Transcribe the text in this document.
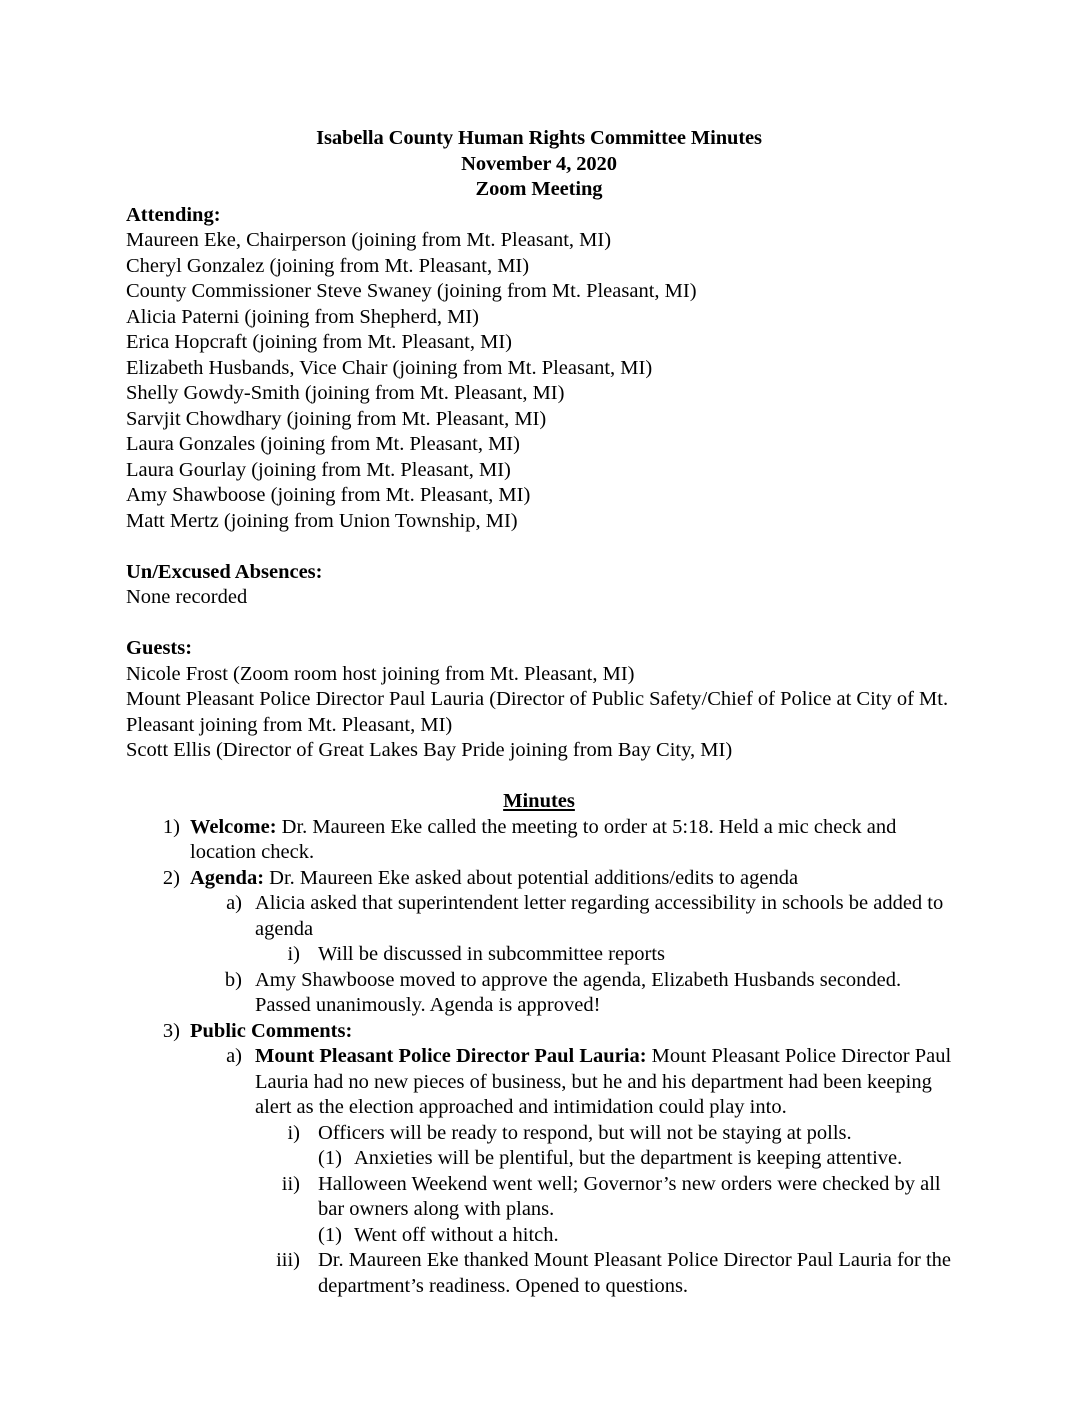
Isabella County Human Rights Committee Minutes
November 4, 2020
Zoom Meeting
Attending:
Maureen Eke, Chairperson (joining from Mt. Pleasant, MI)
Cheryl Gonzalez (joining from Mt. Pleasant, MI)
County Commissioner Steve Swaney (joining from Mt. Pleasant, MI)
Alicia Paterni (joining from Shepherd, MI)
Erica Hopcraft (joining from Mt. Pleasant, MI)
Elizabeth Husbands, Vice Chair (joining from Mt. Pleasant, MI)
Shelly Gowdy-Smith (joining from Mt. Pleasant, MI)
Sarvjit Chowdhary (joining from Mt. Pleasant, MI)
Laura Gonzales (joining from Mt. Pleasant, MI)
Laura Gourlay (joining from Mt. Pleasant, MI)
Amy Shawboose (joining from Mt. Pleasant, MI)
Matt Mertz (joining from Union Township, MI)
Un/Excused Absences:
None recorded
Guests:
Nicole Frost (Zoom room host joining from Mt. Pleasant, MI)
Mount Pleasant Police Director Paul Lauria (Director of Public Safety/Chief of Police at City of Mt. Pleasant joining from Mt. Pleasant, MI)
Scott Ellis (Director of Great Lakes Bay Pride joining from Bay City, MI)
Minutes
1) Welcome: Dr. Maureen Eke called the meeting to order at 5:18. Held a mic check and location check.
2) Agenda: Dr. Maureen Eke asked about potential additions/edits to agenda
a) Alicia asked that superintendent letter regarding accessibility in schools be added to agenda
i) Will be discussed in subcommittee reports
b) Amy Shawboose moved to approve the agenda, Elizabeth Husbands seconded. Passed unanimously. Agenda is approved!
3) Public Comments:
a) Mount Pleasant Police Director Paul Lauria: Mount Pleasant Police Director Paul Lauria had no new pieces of business, but he and his department had been keeping alert as the election approached and intimidation could play into.
i) Officers will be ready to respond, but will not be staying at polls.
(1) Anxieties will be plentiful, but the department is keeping attentive.
ii) Halloween Weekend went well; Governor’s new orders were checked by all bar owners along with plans.
(1) Went off without a hitch.
iii) Dr. Maureen Eke thanked Mount Pleasant Police Director Paul Lauria for the department’s readiness. Opened to questions.
